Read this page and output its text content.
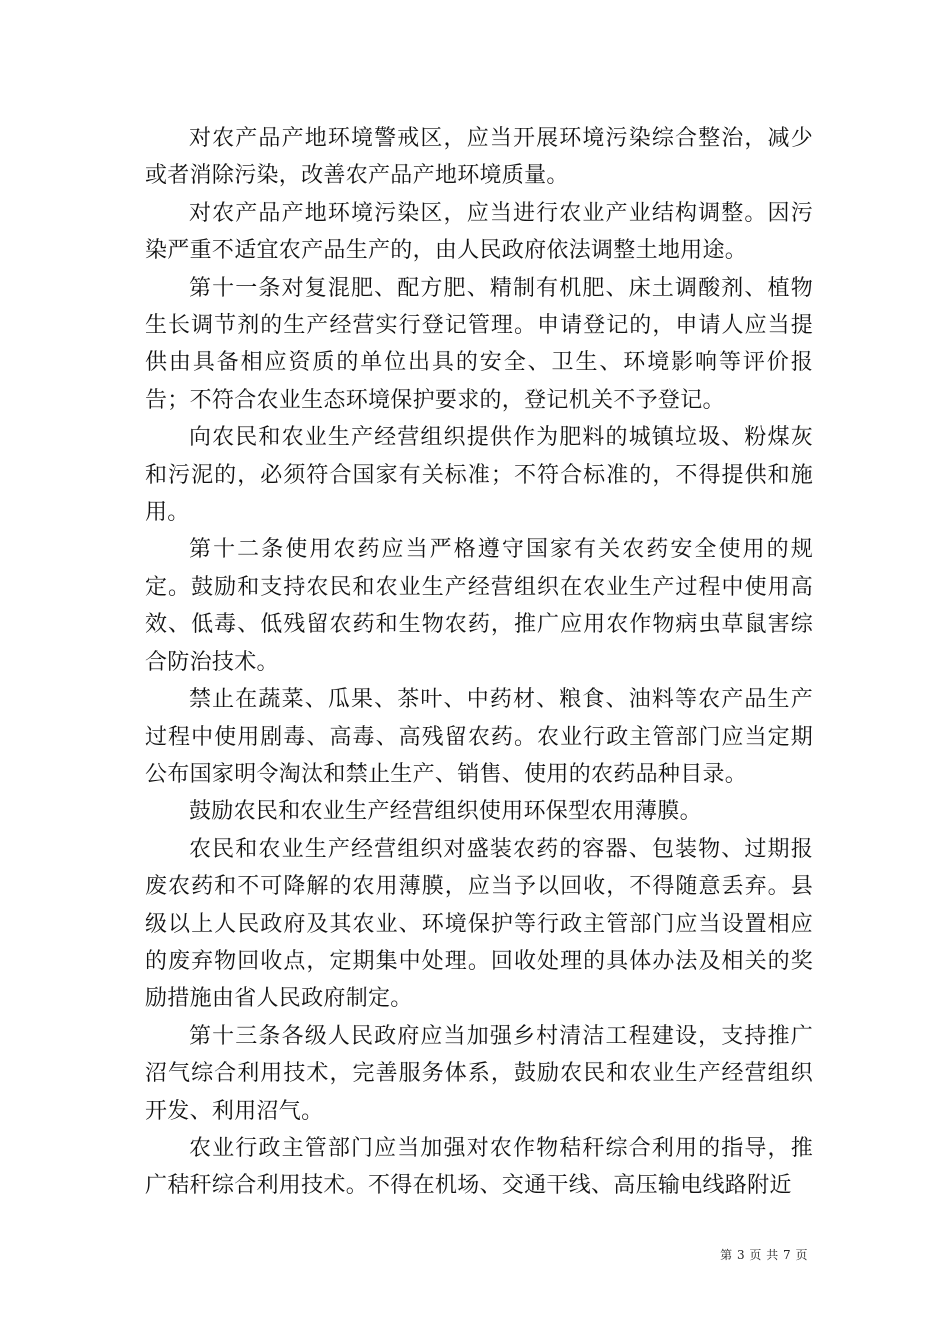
对农产品产地环境警戒区，应当开展环境污染综合整治，减少或者消除污染，改善农产品产地环境质量。

对农产品产地环境污染区，应当进行农业产业结构调整。因污染严重不适宜农产品生产的，由人民政府依法调整土地用途。

第十一条对复混肥、配方肥、精制有机肥、床土调酸剂、植物生长调节剂的生产经营实行登记管理。申请登记的，申请人应当提供由具备相应资质的单位出具的安全、卫生、环境影响等评价报告；不符合农业生态环境保护要求的，登记机关不予登记。

向农民和农业生产经营组织提供作为肥料的城镇垃圾、粉煤灰和污泥的，必须符合国家有关标准；不符合标准的，不得提供和施用。

第十二条使用农药应当严格遵守国家有关农药安全使用的规定。鼓励和支持农民和农业生产经营组织在农业生产过程中使用高效、低毒、低残留农药和生物农药，推广应用农作物病虫草鼠害综合防治技术。

禁止在蔬菜、瓜果、茶叶、中药材、粮食、油料等农产品生产过程中使用剧毒、高毒、高残留农药。农业行政主管部门应当定期公布国家明令淘汰和禁止生产、销售、使用的农药品种目录。

鼓励农民和农业生产经营组织使用环保型农用薄膜。

农民和农业生产经营组织对盛装农药的容器、包装物、过期报废农药和不可降解的农用薄膜，应当予以回收，不得随意丢弃。县级以上人民政府及其农业、环境保护等行政主管部门应当设置相应的废弃物回收点，定期集中处理。回收处理的具体办法及相关的奖励措施由省人民政府制定。

第十三条各级人民政府应当加强乡村清洁工程建设，支持推广沼气综合利用技术，完善服务体系，鼓励农民和农业生产经营组织开发、利用沼气。

农业行政主管部门应当加强对农作物秸秆综合利用的指导，推广秸秆综合利用技术。不得在机场、交通干线、高压输电线路附近

第 3 页 共 7 页
